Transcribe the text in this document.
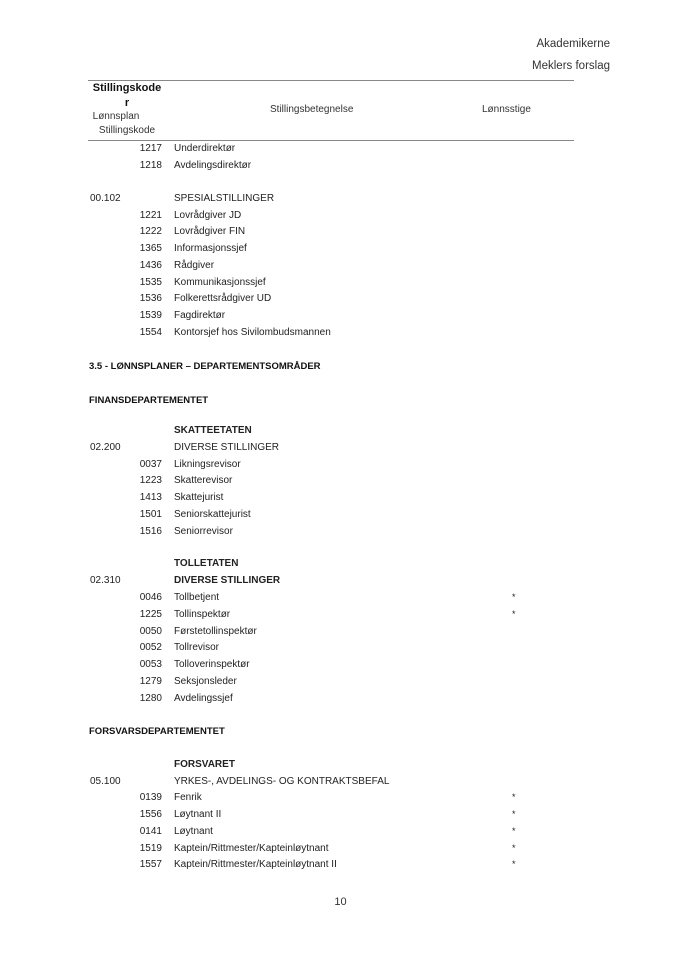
Akademikerne
Meklers forslag
Stillingskode
r
Lønnsplan
Stillingskode
Stillingsbetegnelse	Lønnsstige
1217 Underdirektør
1218 Avdelingsdirektør
00.102	SPESIALSTILLINGER
1221 Lovrådgiver JD
1222 Lovrådgiver FIN
1365 Informasjonssjef
1436 Rådgiver
1535 Kommunikasjonssjef
1536 Folkerettsrådgiver UD
1539 Fagdirektør
1554 Kontorsjef hos Sivilombudsmannen
3.5 - LØNNSPLANER – DEPARTEMENTSOMRÅDER
FINANSDEPARTEMENTET
SKATTEETATEN
02.200	DIVERSE STILLINGER
0037 Likningsrevisor
1223 Skatterevisor
1413 Skattejurist
1501 Seniorskattejurist
1516 Seniorrevisor
TOLLETATEN
02.310	DIVERSE STILLINGER
0046 Tollbetjent	*
1225 Tollinspektør	*
0050 Førstetollinspektør
0052 Tollrevisor
0053 Tolloverinspektør
1279 Seksjonsleder
1280 Avdelingssjef
FORSVARSDEPARTEMENTET
FORSVARET
05.100	YRKES-, AVDELINGS- OG KONTRAKTSBEFAL
0139 Fenrik	*
1556 Løytnant II	*
0141 Løytnant	*
1519 Kaptein/Rittmester/Kapteinløytnant	*
1557 Kaptein/Rittmester/Kapteinløytnant II	*
10
